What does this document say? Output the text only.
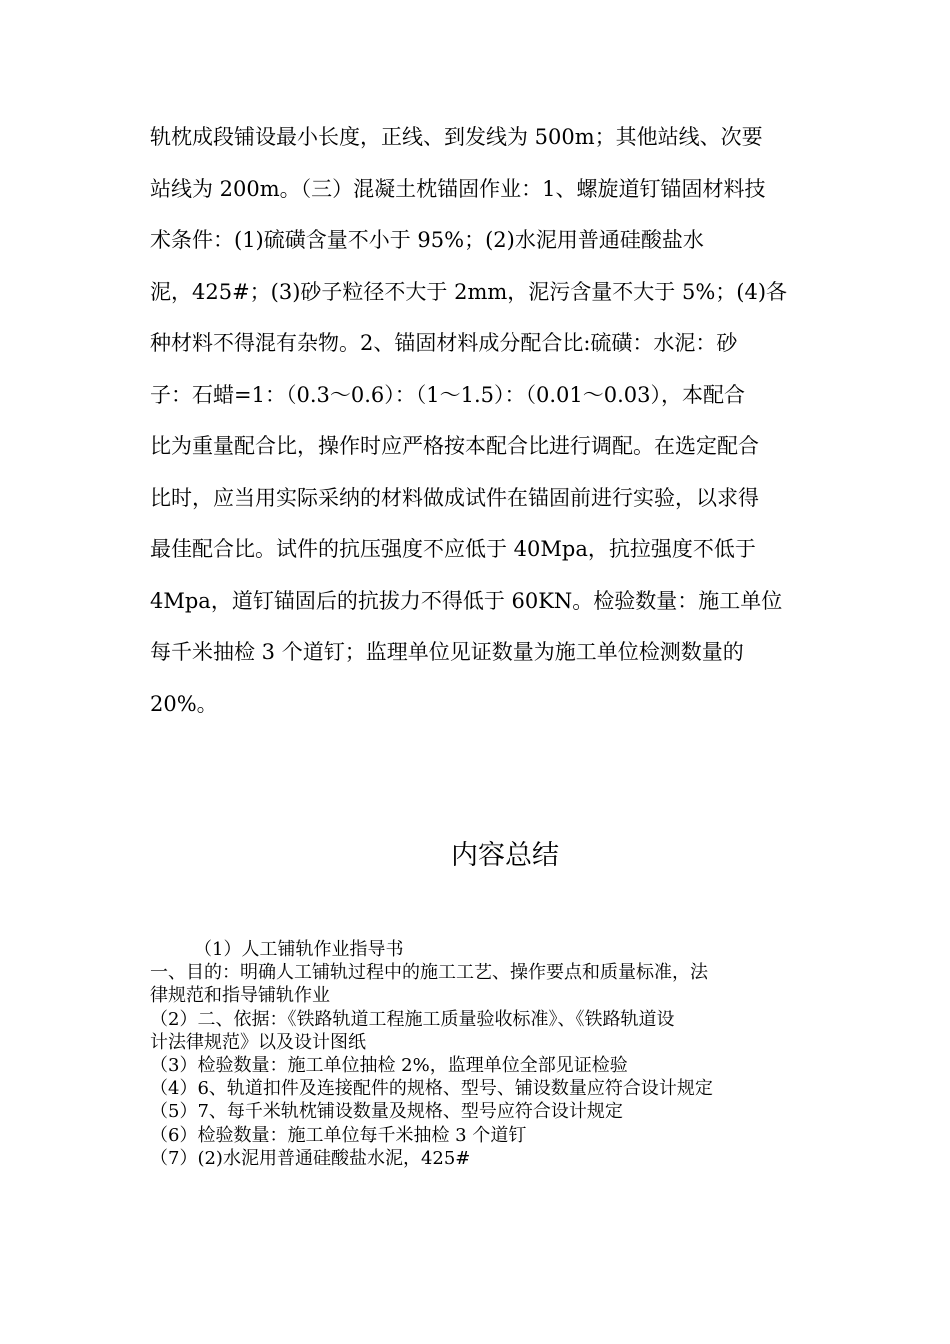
轨枕成段铺设最小长度，正线、到发线为 500m；其他站线、次要
站线为 200m。（三）混凝土枕锚固作业：1、螺旋道钉锚固材料技
术条件：(1)硫磺含量不小于 95%；(2)水泥用普通硅酸盐水
泥，425#；(3)砂子粒径不大于 2mm，泥污含量不大于 5%；(4)各
种材料不得混有杂物。2、锚固材料成分配合比:硫磺：水泥：砂
子：石蜡=1：（0.3～0.6）：（1～1.5）：（0.01～0.03），本配合
比为重量配合比，操作时应严格按本配合比进行调配。在选定配合
比时，应当用实际采纳的材料做成试件在锚固前进行实验，以求得
最佳配合比。试件的抗压强度不应低于 40Mpa，抗拉强度不低于
4Mpa，道钉锚固后的抗拔力不得低于 60KN。检验数量：施工单位
每千米抽检 3 个道钉；监理单位见证数量为施工单位检测数量的
20%。
内容总结
（1）人工铺轨作业指导书
一、目的：明确人工铺轨过程中的施工工艺、操作要点和质量标准，法
律规范和指导铺轨作业
（2）二、依据：《铁路轨道工程施工质量验收标准》、《铁路轨道设
计法律规范》以及设计图纸
（3）检验数量：施工单位抽检 2%，监理单位全部见证检验
（4）6、轨道扣件及连接配件的规格、型号、铺设数量应符合设计规定
（5）7、每千米轨枕铺设数量及规格、型号应符合设计规定
（6）检验数量：施工单位每千米抽检 3 个道钉
（7）(2)水泥用普通硅酸盐水泥，425#
